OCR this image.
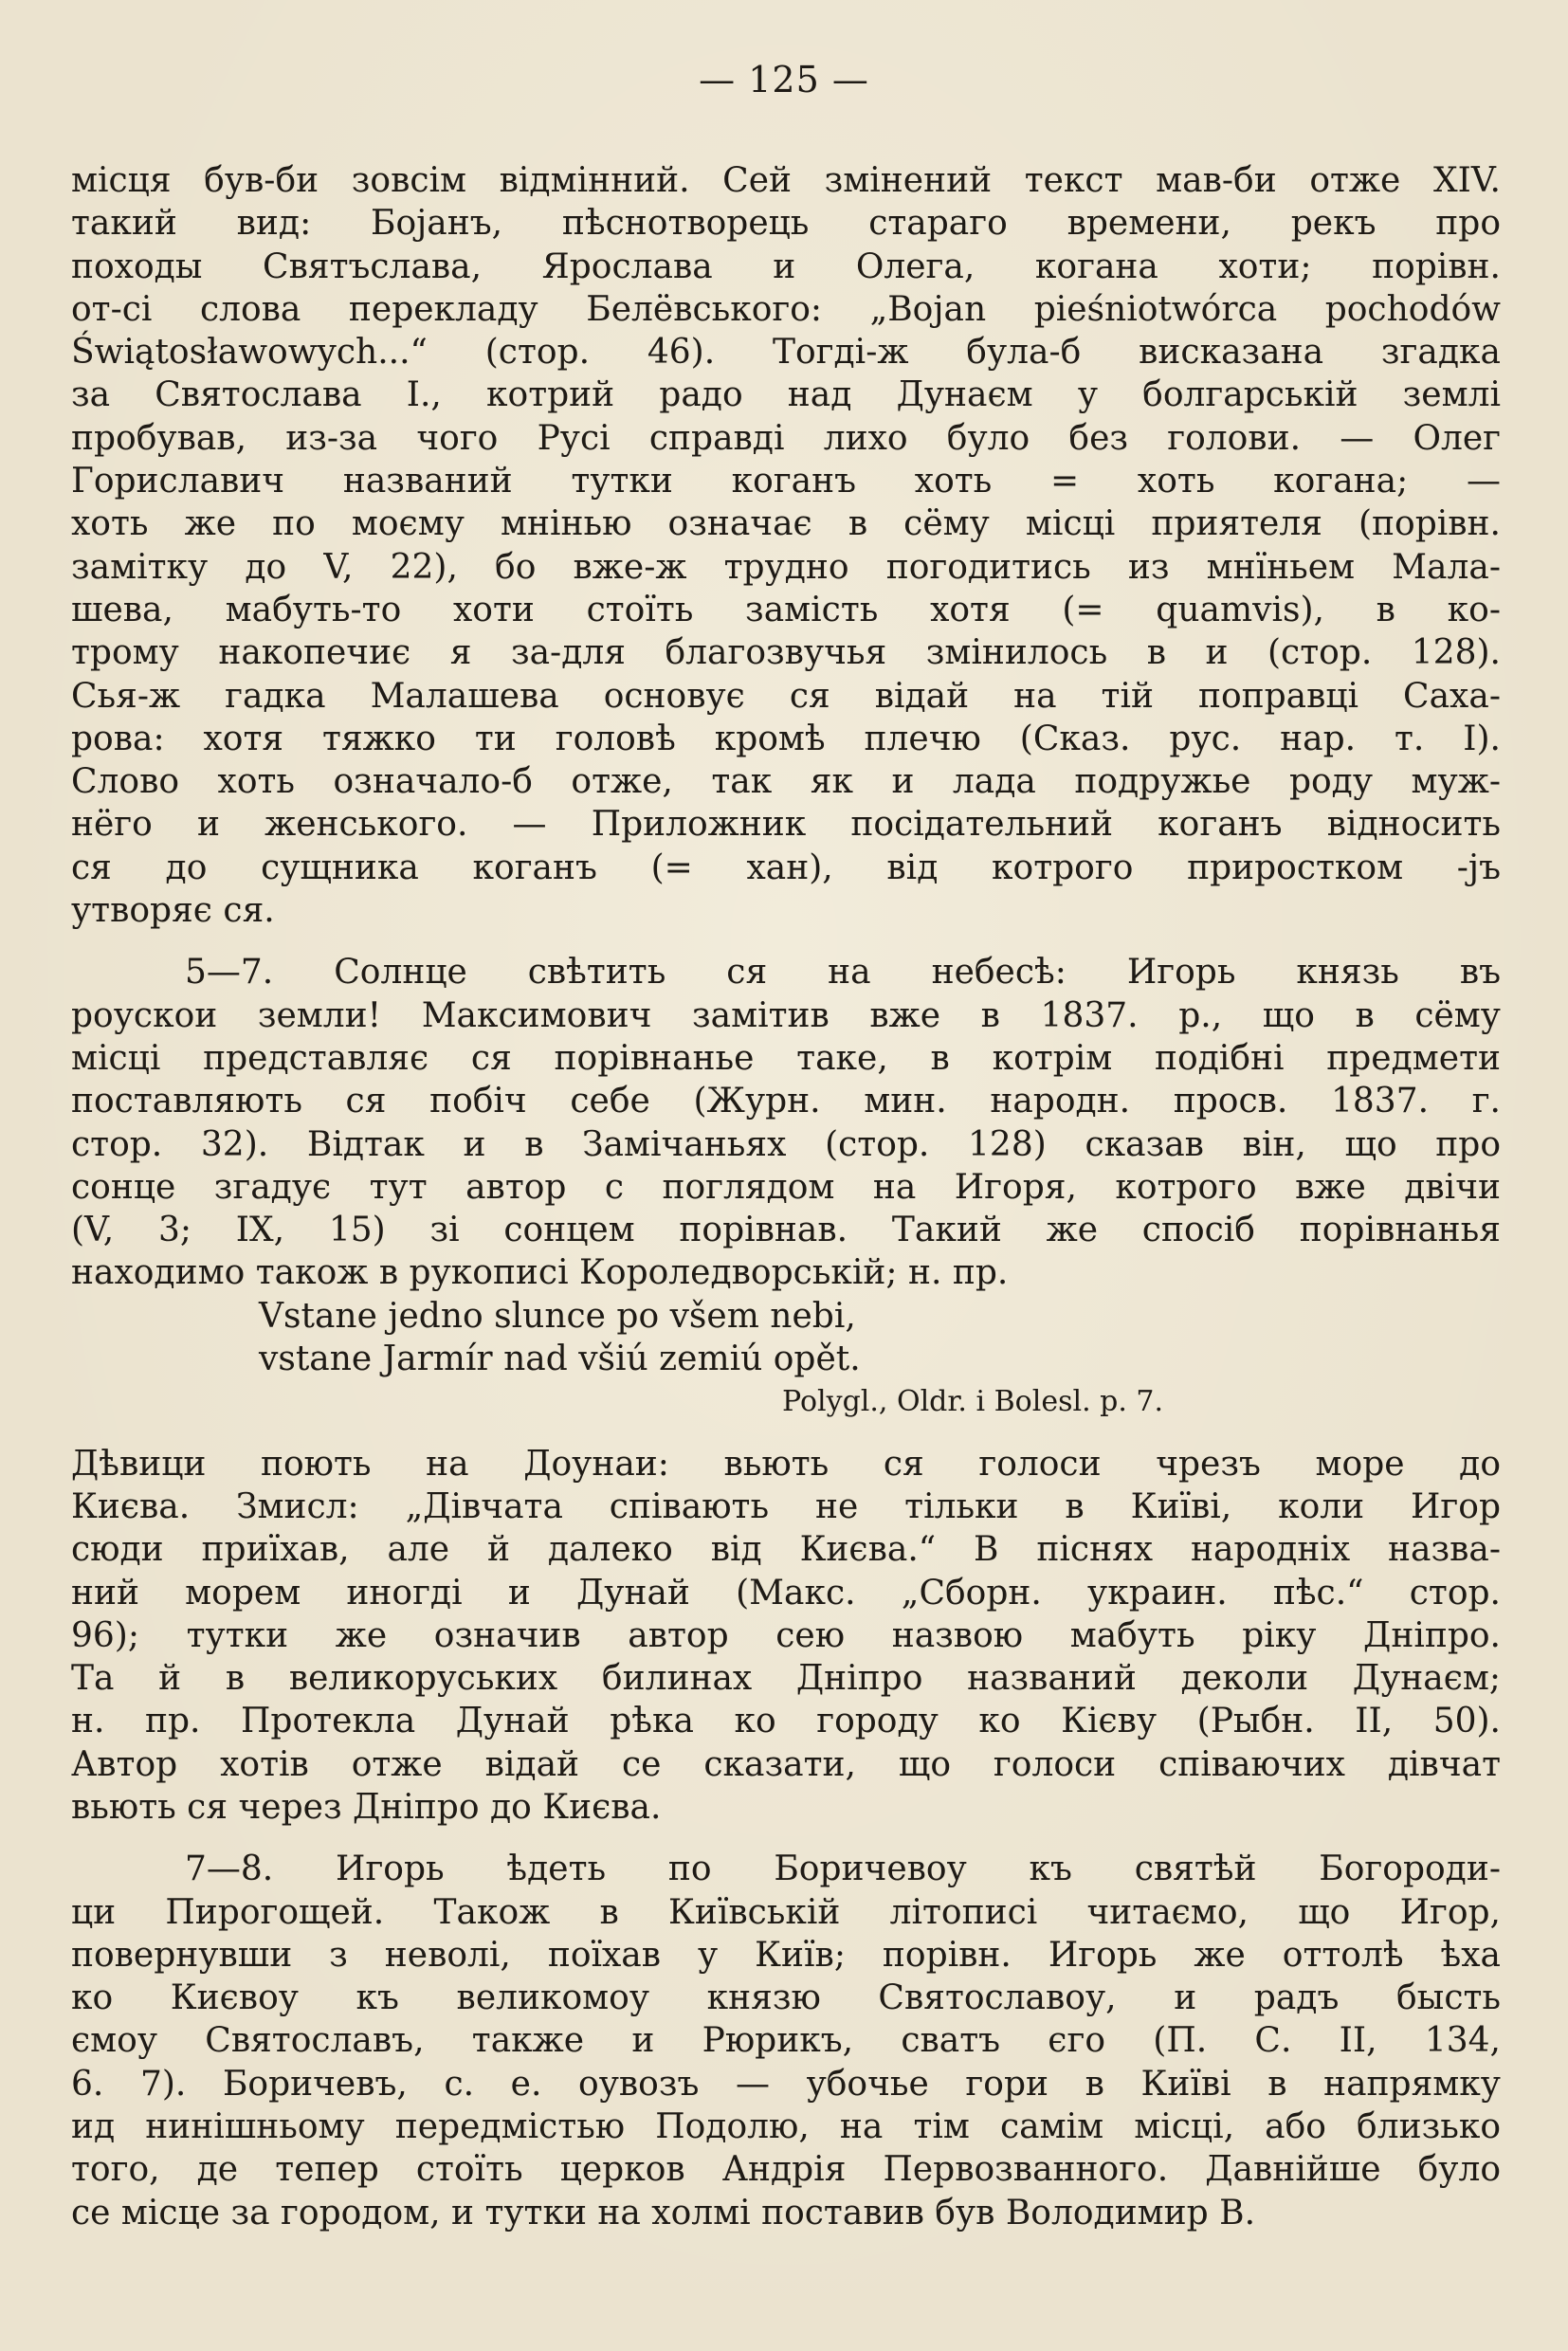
— 125 —
місця був-би зовсім відмінний. Сей змінений текст мав-би отже XIV.
такий вид: Бојанъ, пѣснотворець стараго времени, рекъ про
походы Святъслава, Ярослава и Олега, когана хоти; порівн.
от-сі слова перекладу Белёвського: „Bojan pieśniotwórca pochodów
Świątosławowych...“ (стор. 46). Тогді-ж була-б висказана згадка
за Святослава І., котрий радо над Дунаєм у болгарській землі
пробував, из-за чого Русі справді лихо було без голови. — Олег
Гориславич названий тутки коганъ хоть = хоть когана; —
хоть же по моєму мнінью означає в сёму місці приятеля (порівн.
замітку до V, 22), бо вже-ж трудно погодитись из мнїньем Мала-
шева, мабуть-то хоти стоїть замість хотя (= quamvis), в ко-
трому накопечиє я за-для благозвучья змінилось в и (стор. 128).
Сья-ж гадка Малашева основує ся відай на тій поправці Саха-
рова: хотя тяжко ти головѣ кромѣ плечю (Сказ. рус. нар. т. І).
Слово хоть означало-б отже, так як и лада подружье роду муж-
нёго и женського. — Приложник посідательний коганъ відносить
ся до сущника коганъ (= хан), від котрого приростком -јъ
утворяє ся.
5—7. Солнце свѣтить ся на небесѣ: Игорь князь въ
роускои земли! Максимович замітив вже в 1837. р., що в сёму
місці представляє ся порівнанье таке, в котрім подібні предмети
поставляють ся побіч себе (Журн. мин. народн. просв. 1837. г.
стор. 32). Відтак и в Замічаньях (стор. 128) сказав він, що про
сонце згадує тут автор с поглядом на Игоря, котрого вже двічи
(V, 3; IX, 15) зі сонцем порівнав. Такий же спосіб порівнанья
находимо також в рукописі Короледворській; н. пр.
Vstane jedno slunce po všem nebi,
vstane Jarmír nad všiú zemiú opět.
Polygl., Oldr. i Bolesl. p. 7.
Дѣвици поють на Доунаи: вьють ся голоси чрезъ море до
Києва. Змисл: „Дівчата співають не тільки в Київі, коли Игор
сюди приїхав, але й далеко від Києва.“ В піснях народніх назва-
ний морем иногді и Дунай (Макс. „Сборн. украин. пѣс.“ стор.
96); тутки же означив автор сею назвою мабуть ріку Дніпро.
Та й в великоруських билинах Дніпро названий деколи Дунаєм;
н. пр. Протекла Дунай рѣка ко городу ко Кієву (Рыбн. II, 50).
Автор хотів отже відай се сказати, що голоси співаючих дівчат
вьють ся через Дніпро до Києва.
7—8. Игорь ѣдеть по Боричевоу къ святѣй Богороди-
ци Пирогощей. Також в Київській літописі читаємо, що Игор,
повернувши з неволі, поїхав у Київ; порівн. Игорь же оттолѣ ѣха
ко Києвоу къ великомоу князю Святославоу, и радъ бысть
ємоу Святославъ, также и Рюрикъ, сватъ єго (П. С. II, 134,
6. 7). Боричевъ, с. е. оувозъ — убочье гори в Київі в напрямку
ид нинішньому передмістью Подолю, на тім самім місці, або близько
того, де тепер стоїть церков Андрія Первозванного. Давнійше було
се місце за городом, и тутки на холмі поставив був Володимир В.
